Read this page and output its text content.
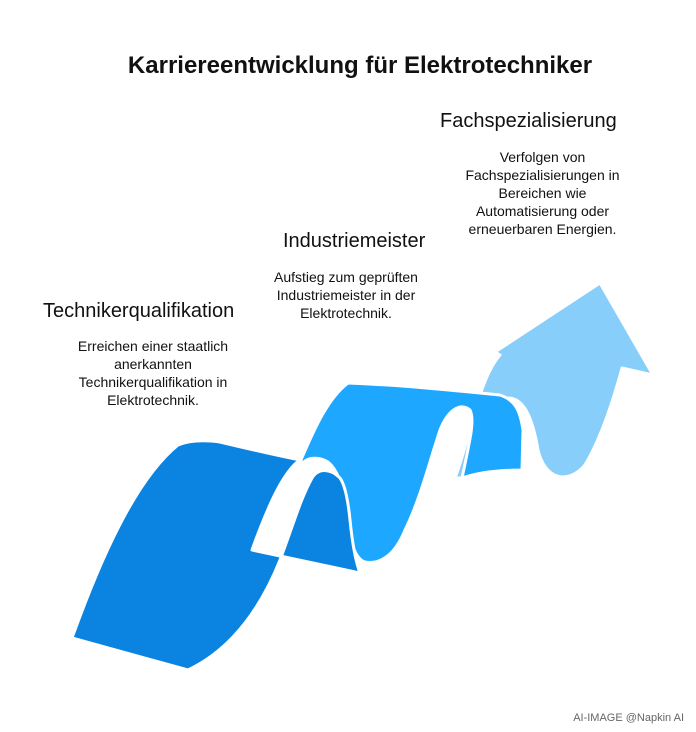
Karriereentwicklung für Elektrotechniker
Technikerqualifikation
Erreichen einer staatlich anerkannten Technikerqualifikation in Elektrotechnik.
Industriemeister
Aufstieg zum geprüften Industriemeister in der Elektrotechnik.
Fachspezialisierung
Verfolgen von Fachspezialisierungen in Bereichen wie Automatisierung oder erneuerbaren Energien.
AI-IMAGE @Napkin AI
